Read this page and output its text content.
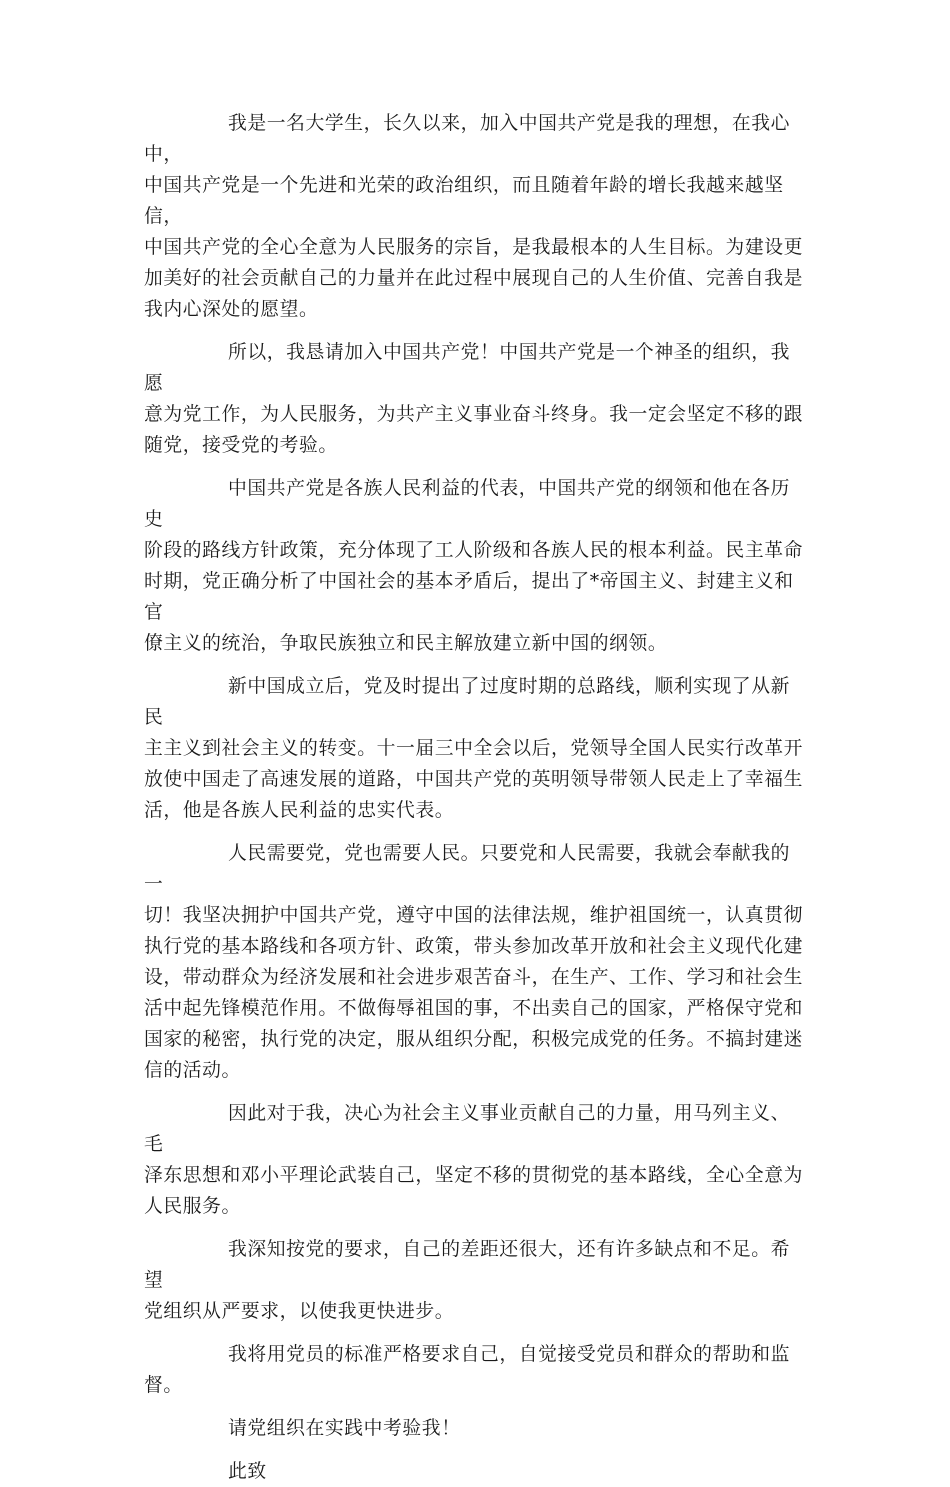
我是一名大学生，长久以来，加入中国共产党是我的理想，在我心中，
中国共产党是一个先进和光荣的政治组织，而且随着年龄的增长我越来越坚信，
中国共产党的全心全意为人民服务的宗旨，是我最根本的人生目标。为建设更
加美好的社会贡献自己的力量并在此过程中展现自己的人生价值、完善自我是
我内心深处的愿望。

所以，我恳请加入中国共产党！中国共产党是一个神圣的组织，我愿
意为党工作，为人民服务，为共产主义事业奋斗终身。我一定会坚定不移的跟
随党，接受党的考验。

中国共产党是各族人民利益的代表，中国共产党的纲领和他在各历史
阶段的路线方针政策，充分体现了工人阶级和各族人民的根本利益。民主革命
时期，党正确分析了中国社会的基本矛盾后，提出了*帝国主义、封建主义和官
僚主义的统治，争取民族独立和民主解放建立新中国的纲领。

新中国成立后，党及时提出了过度时期的总路线，顺利实现了从新民
主主义到社会主义的转变。十一届三中全会以后，党领导全国人民实行改革开
放使中国走了高速发展的道路，中国共产党的英明领导带领人民走上了幸福生
活，他是各族人民利益的忠实代表。

人民需要党，党也需要人民。只要党和人民需要，我就会奉献我的一
切！我坚决拥护中国共产党，遵守中国的法律法规，维护祖国统一，认真贯彻
执行党的基本路线和各项方针、政策，带头参加改革开放和社会主义现代化建
设，带动群众为经济发展和社会进步艰苦奋斗，在生产、工作、学习和社会生
活中起先锋模范作用。不做侮辱祖国的事，不出卖自己的国家，严格保守党和
国家的秘密，执行党的决定，服从组织分配，积极完成党的任务。不搞封建迷
信的活动。

因此对于我，决心为社会主义事业贡献自己的力量，用马列主义、毛
泽东思想和邓小平理论武装自己，坚定不移的贯彻党的基本路线，全心全意为
人民服务。

我深知按党的要求，自己的差距还很大，还有许多缺点和不足。希望
党组织从严要求，以使我更快进步。

我将用党员的标准严格要求自己，自觉接受党员和群众的帮助和监督。

请党组织在实践中考验我！

此致
